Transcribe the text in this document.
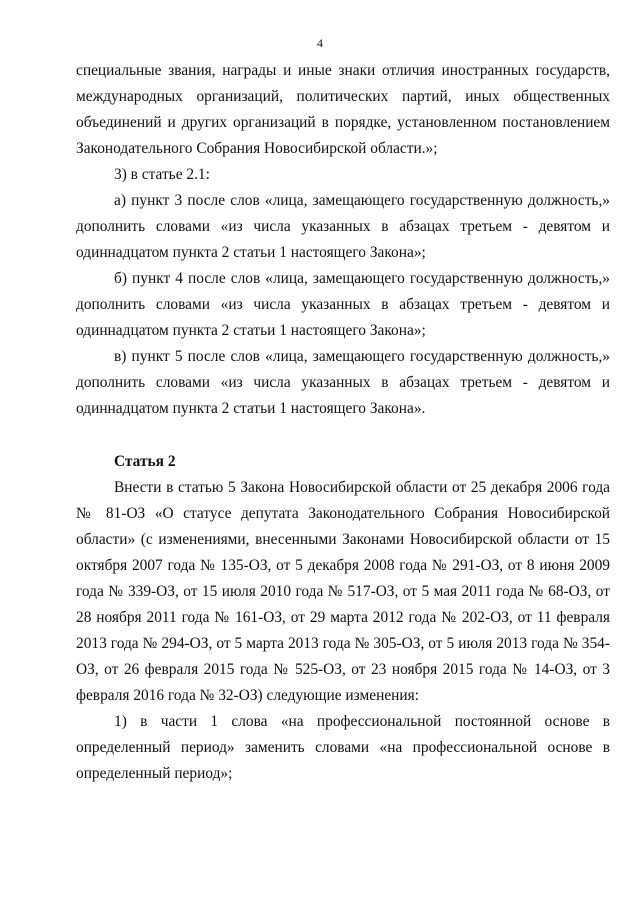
4

специальные звания, награды и иные знаки отличия иностранных государств, международных организаций, политических партий, иных общественных объединений и других организаций в порядке, установленном постановлением Законодательного Собрания Новосибирской области.»;

3) в статье 2.1:

а) пункт 3 после слов «лица, замещающего государственную должность,» дополнить словами «из числа указанных в абзацах третьем - девятом и одиннадцатом пункта 2 статьи 1 настоящего Закона»;

б) пункт 4 после слов «лица, замещающего государственную должность,» дополнить словами «из числа указанных в абзацах третьем - девятом и одиннадцатом пункта 2 статьи 1 настоящего Закона»;

в) пункт 5 после слов «лица, замещающего государственную должность,» дополнить словами «из числа указанных в абзацах третьем - девятом и одиннадцатом пункта 2 статьи 1 настоящего Закона».

Статья 2

Внести в статью 5 Закона Новосибирской области от 25 декабря 2006 года № 81-ОЗ «О статусе депутата Законодательного Собрания Новосибирской области» (с изменениями, внесенными Законами Новосибирской области от 15 октября 2007 года № 135-ОЗ, от 5 декабря 2008 года № 291-ОЗ, от 8 июня 2009 года № 339-ОЗ, от 15 июля 2010 года № 517-ОЗ, от 5 мая 2011 года № 68-ОЗ, от 28 ноября 2011 года № 161-ОЗ, от 29 марта 2012 года № 202-ОЗ, от 11 февраля 2013 года № 294-ОЗ, от 5 марта 2013 года № 305-ОЗ, от 5 июля 2013 года № 354-ОЗ, от 26 февраля 2015 года № 525-ОЗ, от 23 ноября 2015 года № 14-ОЗ, от 3 февраля 2016 года № 32-ОЗ) следующие изменения:

1) в части 1 слова «на профессиональной постоянной основе в определенный период» заменить словами «на профессиональной основе в определенный период»;
